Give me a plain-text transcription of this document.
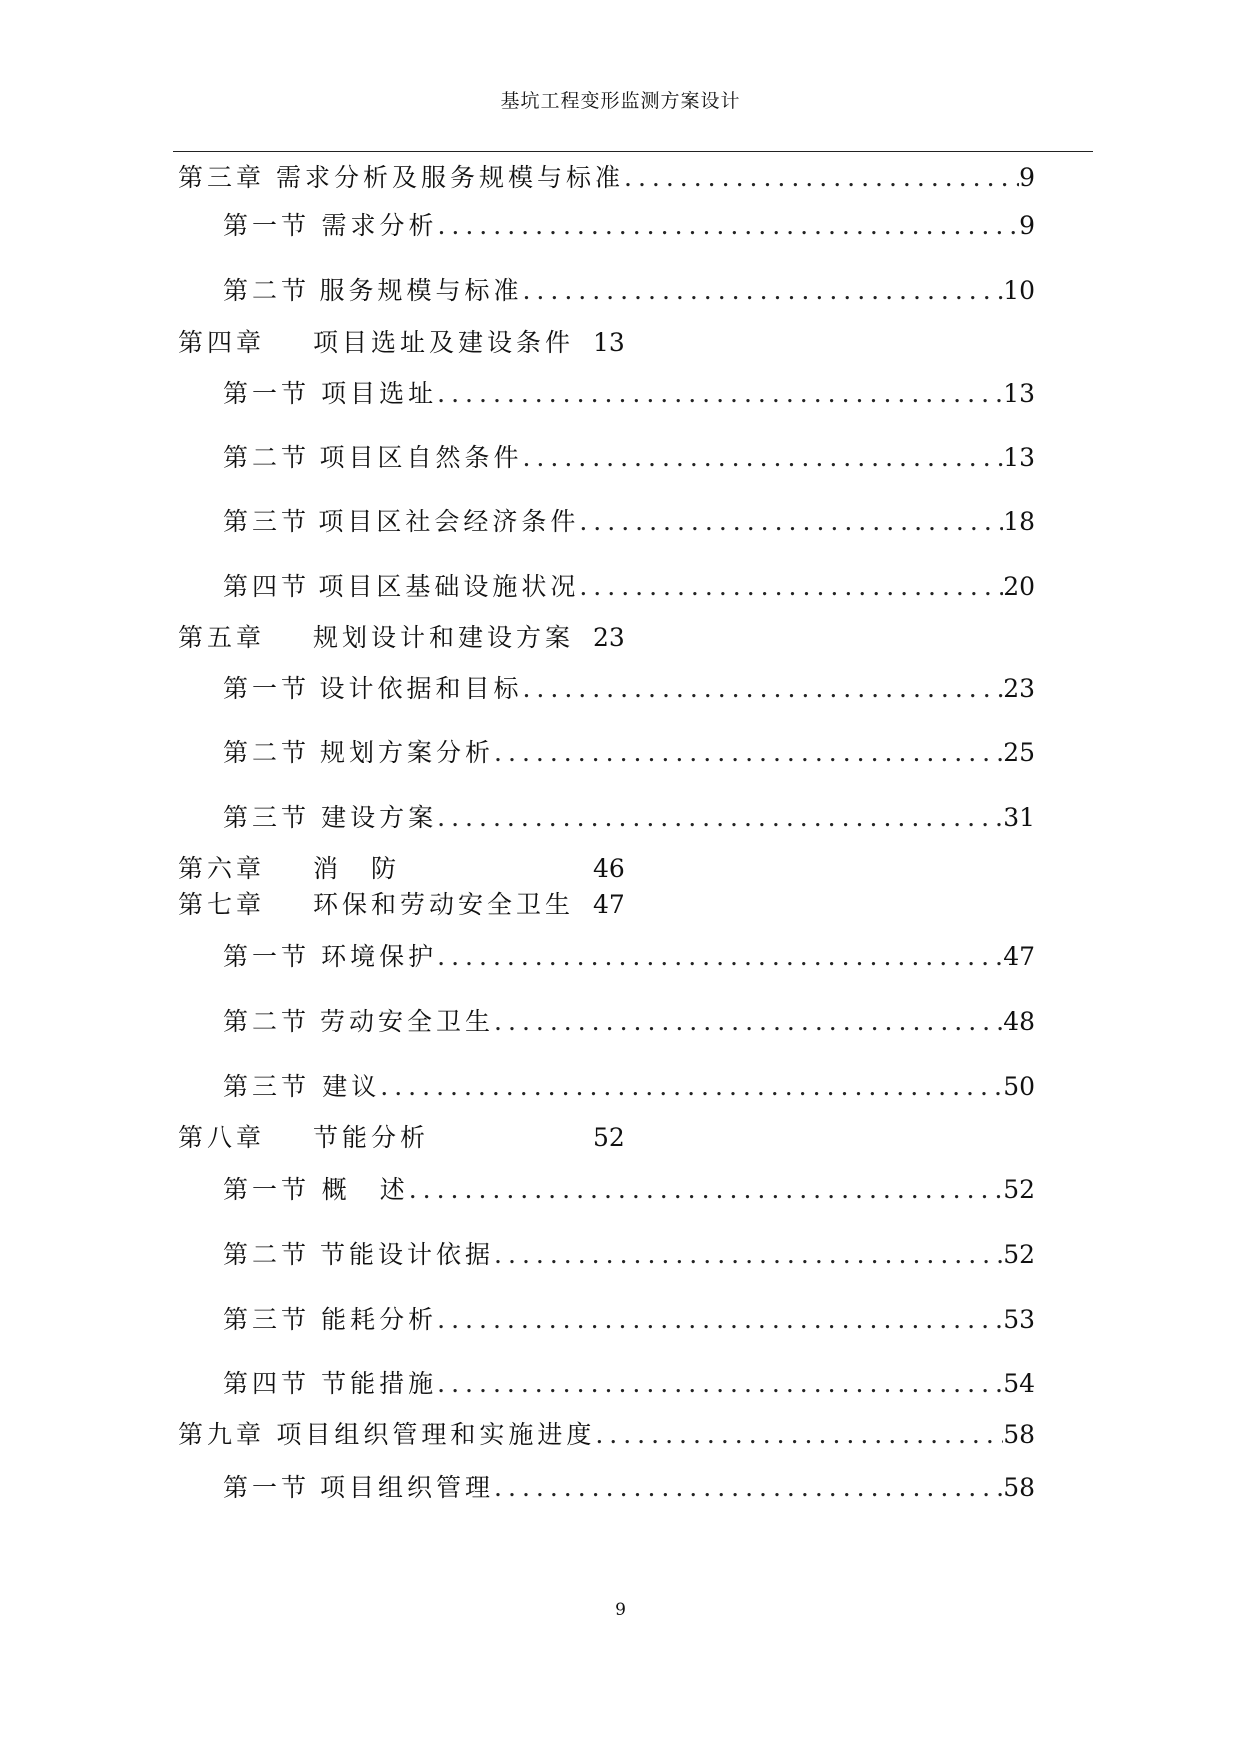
基坑工程变形监测方案设计
第三章 需求分析及服务规模与标准 .....	9
第一节 需求分析 .....	9
第二节 服务规模与标准 .....	10
第四章 项目选址及建设条件 13
第一节 项目选址 .....	13
第二节 项目区自然条件 .....	13
第三节 项目区社会经济条件 .....	18
第四节 项目区基础设施状况 .....	20
第五章 规划设计和建设方案 23
第一节 设计依据和目标 .....	23
第二节 规划方案分析 .....	25
第三节 建设方案 .....	31
第六章 消　防	46
第七章 环保和劳动安全卫生 47
第一节 环境保护 .....	47
第二节 劳动安全卫生 .....	48
第三节 建议 .....	50
第八章 节能分析	52
第一节 概　述 .....	52
第二节 节能设计依据 .....	52
第三节 能耗分析 .....	53
第四节 节能措施 .....	54
第九章 项目组织管理和实施进度 .....	58
第一节 项目组织管理 .....	58
9
